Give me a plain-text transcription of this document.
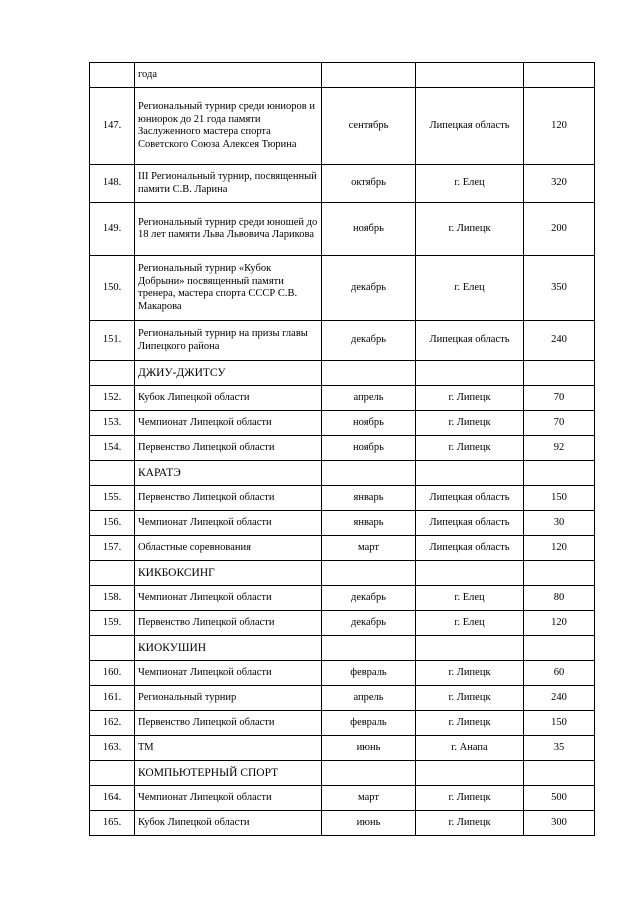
	года			
147.	Региональный турнир среди юниоров и юниорок до 21 года памяти Заслуженного мастера спорта Советского Союза Алексея Тюрина	сентябрь	Липецкая область	120
148.	III Региональный турнир, посвященный памяти С.В. Ларина	октябрь	г. Елец	320
149.	Региональный турнир среди юношей до 18 лет памяти Льва Львовича Ларикова	ноябрь	г. Липецк	200
150.	Региональный турнир «Кубок Добрыни» посвященный памяти тренера, мастера спорта СССР С.В. Макарова	декабрь	г. Елец	350
151.	Региональный турнир на призы главы Липецкого района	декабрь	Липецкая область	240
	ДЖИУ-ДЖИТСУ			
152.	Кубок Липецкой области	апрель	г. Липецк	70
153.	Чемпионат Липецкой области	ноябрь	г. Липецк	70
154.	Первенство Липецкой области	ноябрь	г. Липецк	92
	КАРАТЭ			
155.	Первенство Липецкой области	январь	Липецкая область	150
156.	Чемпионат Липецкой области	январь	Липецкая область	30
157.	Областные соревнования	март	Липецкая область	120
	КИКБОКСИНГ			
158.	Чемпионат Липецкой области	декабрь	г. Елец	80
159.	Первенство Липецкой области	декабрь	г. Елец	120
	КИОКУШИН			
160.	Чемпионат Липецкой области	февраль	г. Липецк	60
161.	Региональный турнир	апрель	г. Липецк	240
162.	Первенство Липецкой области	февраль	г. Липецк	150
163.	ТМ	июнь	г. Анапа	35
	КОМПЬЮТЕРНЫЙ СПОРТ			
164.	Чемпионат Липецкой области	март	г. Липецк	500
165.	Кубок Липецкой области	июнь	г. Липецк	300
